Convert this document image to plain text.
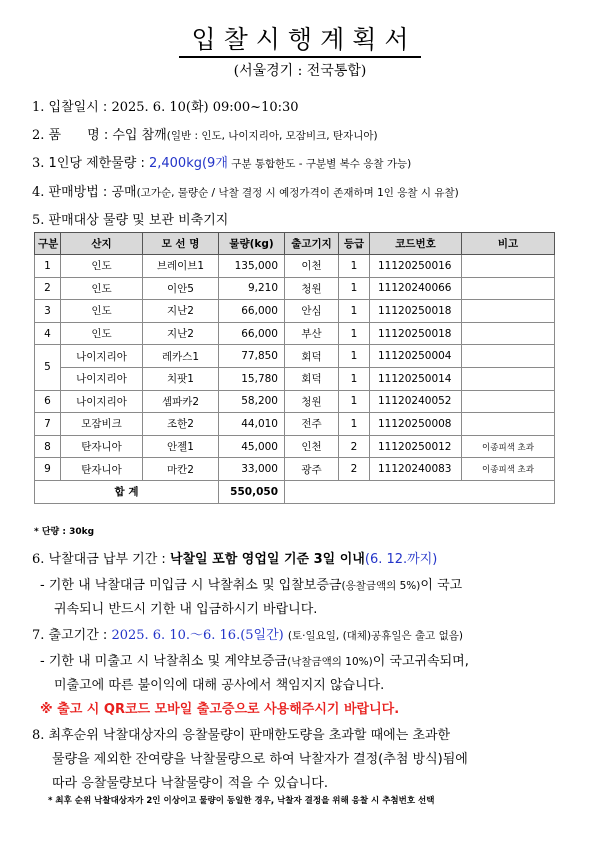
입찰시행계획서
(서울경기 : 전국통합)
1. 입찰일시 : 2025. 6. 10(화) 09:00~10:30
2. 품　　명 : 수입 참깨(일반 : 인도, 나이지리아, 모잠비크, 탄자니아)
3. 1인당 제한물량 : 2,400kg(9개 구분 통합한도 - 구분별 복수 응찰 가능)
4. 판매방법 : 공매(고가순, 물량순 / 낙찰 결정 시 예정가격이 존재하며 1인 응찰 시 유찰)
5. 판매대상 물량 및 보관 비축기지
구분	산지	모 선 명	물량(kg)	출고기지	등급	코드번호	비고
1	인도	브레이브1	135,000	이천	1	11120250016	
2	인도	이안5	9,210	청원	1	11120240066	
3	인도	지난2	66,000	안심	1	11120250018	
4	인도	지난2	66,000	부산	1	11120250018	
5	나이지리아	레카스1	77,850	회덕	1	11120250004	
	나이지리아	치팟1	15,780	회덕	1	11120250014	
6	나이지리아	셈파카2	58,200	청원	1	11120240052	
7	모잠비크	조한2	44,010	전주	1	11120250008	
8	탄자니아	안젤1	45,000	인천	2	11120250012	이종피색 초과
9	탄자니아	마칸2	33,000	광주	2	11120240083	이종피색 초과
합 계			550,050				
* 단량 : 30kg
6. 낙찰대금 납부 기간 : 낙찰일 포함 영업일 기준 3일 이내(6. 12.까지)
- 기한 내 낙찰대금 미입금 시 낙찰취소 및 입찰보증금(응찰금액의 5%)이 국고
귀속되니 반드시 기한 내 입금하시기 바랍니다.
7. 출고기간 : 2025. 6. 10.～6. 16.(5일간) (토·일요일, (대체)공휴일은 출고 없음)
- 기한 내 미출고 시 낙찰취소 및 계약보증금(낙찰금액의 10%)이 국고귀속되며,
미출고에 따른 불이익에 대해 공사에서 책임지지 않습니다.
※ 출고 시 QR코드 모바일 출고증으로 사용해주시기 바랍니다.
8. 최후순위 낙찰대상자의 응찰물량이 판매한도량을 초과할 때에는 초과한
물량을 제외한 잔여량을 낙찰물량으로 하여 낙찰자가 결정(추첨 방식)됨에
따라 응찰물량보다 낙찰물량이 적을 수 있습니다.
* 최후 순위 낙찰대상자가 2인 이상이고 물량이 동일한 경우, 낙찰자 결정을 위해 응찰 시 추첨번호 선택
